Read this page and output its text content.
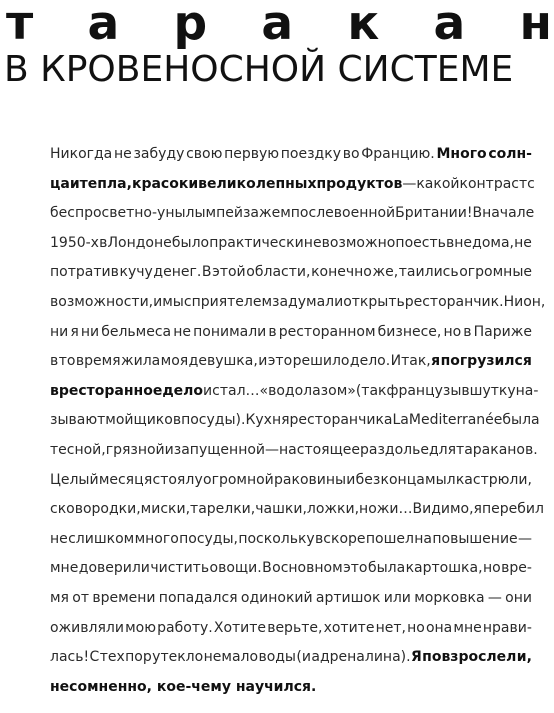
т а р а к а н
В КРОВЕНОСНОЙ СИСТЕМЕ
Никогда не забуду свою первую поездку во Францию. Много солн-
ца и тепла, красок и великолепных продуктов — какой контраст с
беспросветно-унылым пейзажем послевоенной Британии! В начале
1950-х в Лондоне было практически невозможно поесть вне дома, не
потратив кучу денег. В этой области, конечно же, таились огромные
возможности, и мы с приятелем задумали открыть ресторанчик. Ни он,
ни я ни бельмеса не понимали в ресторанном бизнесе, но в Париже
в то время жила моя девушка, и это решило дело. Итак, я погрузился
в ресторанное дело и стал… «водолазом» (так французы в шутку на-
зывают мойщиков посуды). Кухня ресторанчика La Mediterranée была
тесной, грязной и запущенной — настоящее раздолье для тараканов.
Целый месяц я стоял у огромной раковины и без конца мыл кастрюли,
сковородки, миски, тарелки, чашки, ложки, ножи… Видимо, я перебил
не слишком много посуды, поскольку вскоре пошел на повышение —
мне доверили чистить овощи. В основном это была картошка, но вре-
мя от времени попадался одинокий артишок или морковка — они
оживляли мою работу. Хотите верьте, хотите нет, но она мне нрави-
лась! С тех пор утекло немало воды (и адреналина). Я повзрослел и,
несомненно, кое-чему научился.
